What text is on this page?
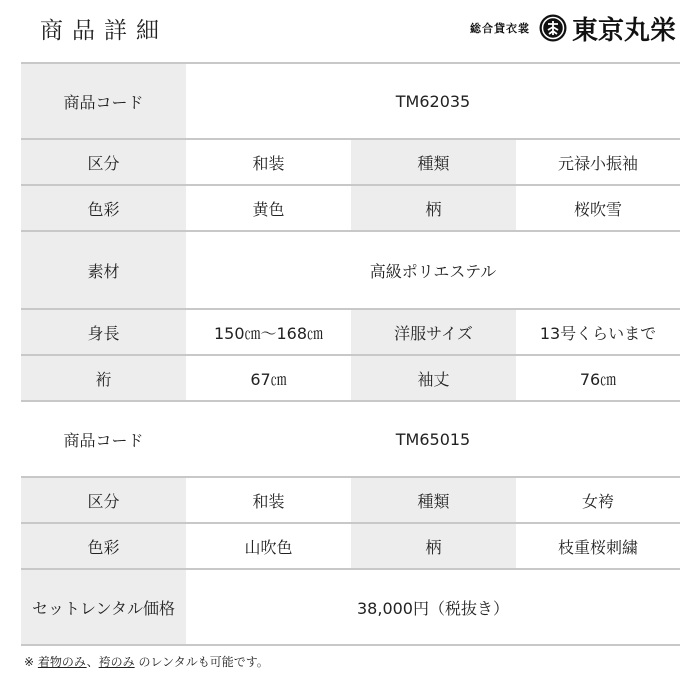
商品詳細	総合貸衣裳 東京丸栄
商品コード	TM62035		
区分	和装	種類	元禄小振袖
色彩	黄色	柄	桜吹雪
素材	高級ポリエステル		
身長	150㎝～168㎝	洋服サイズ	13号くらいまで
裄	67㎝	袖丈	76㎝
商品コード	TM65015		
区分	和装	種類	女袴
色彩	山吹色	柄	枝重桜刺繍
セットレンタル価格	38,000円（税抜き）		
※ 着物のみ、袴のみ のレンタルも可能です。
